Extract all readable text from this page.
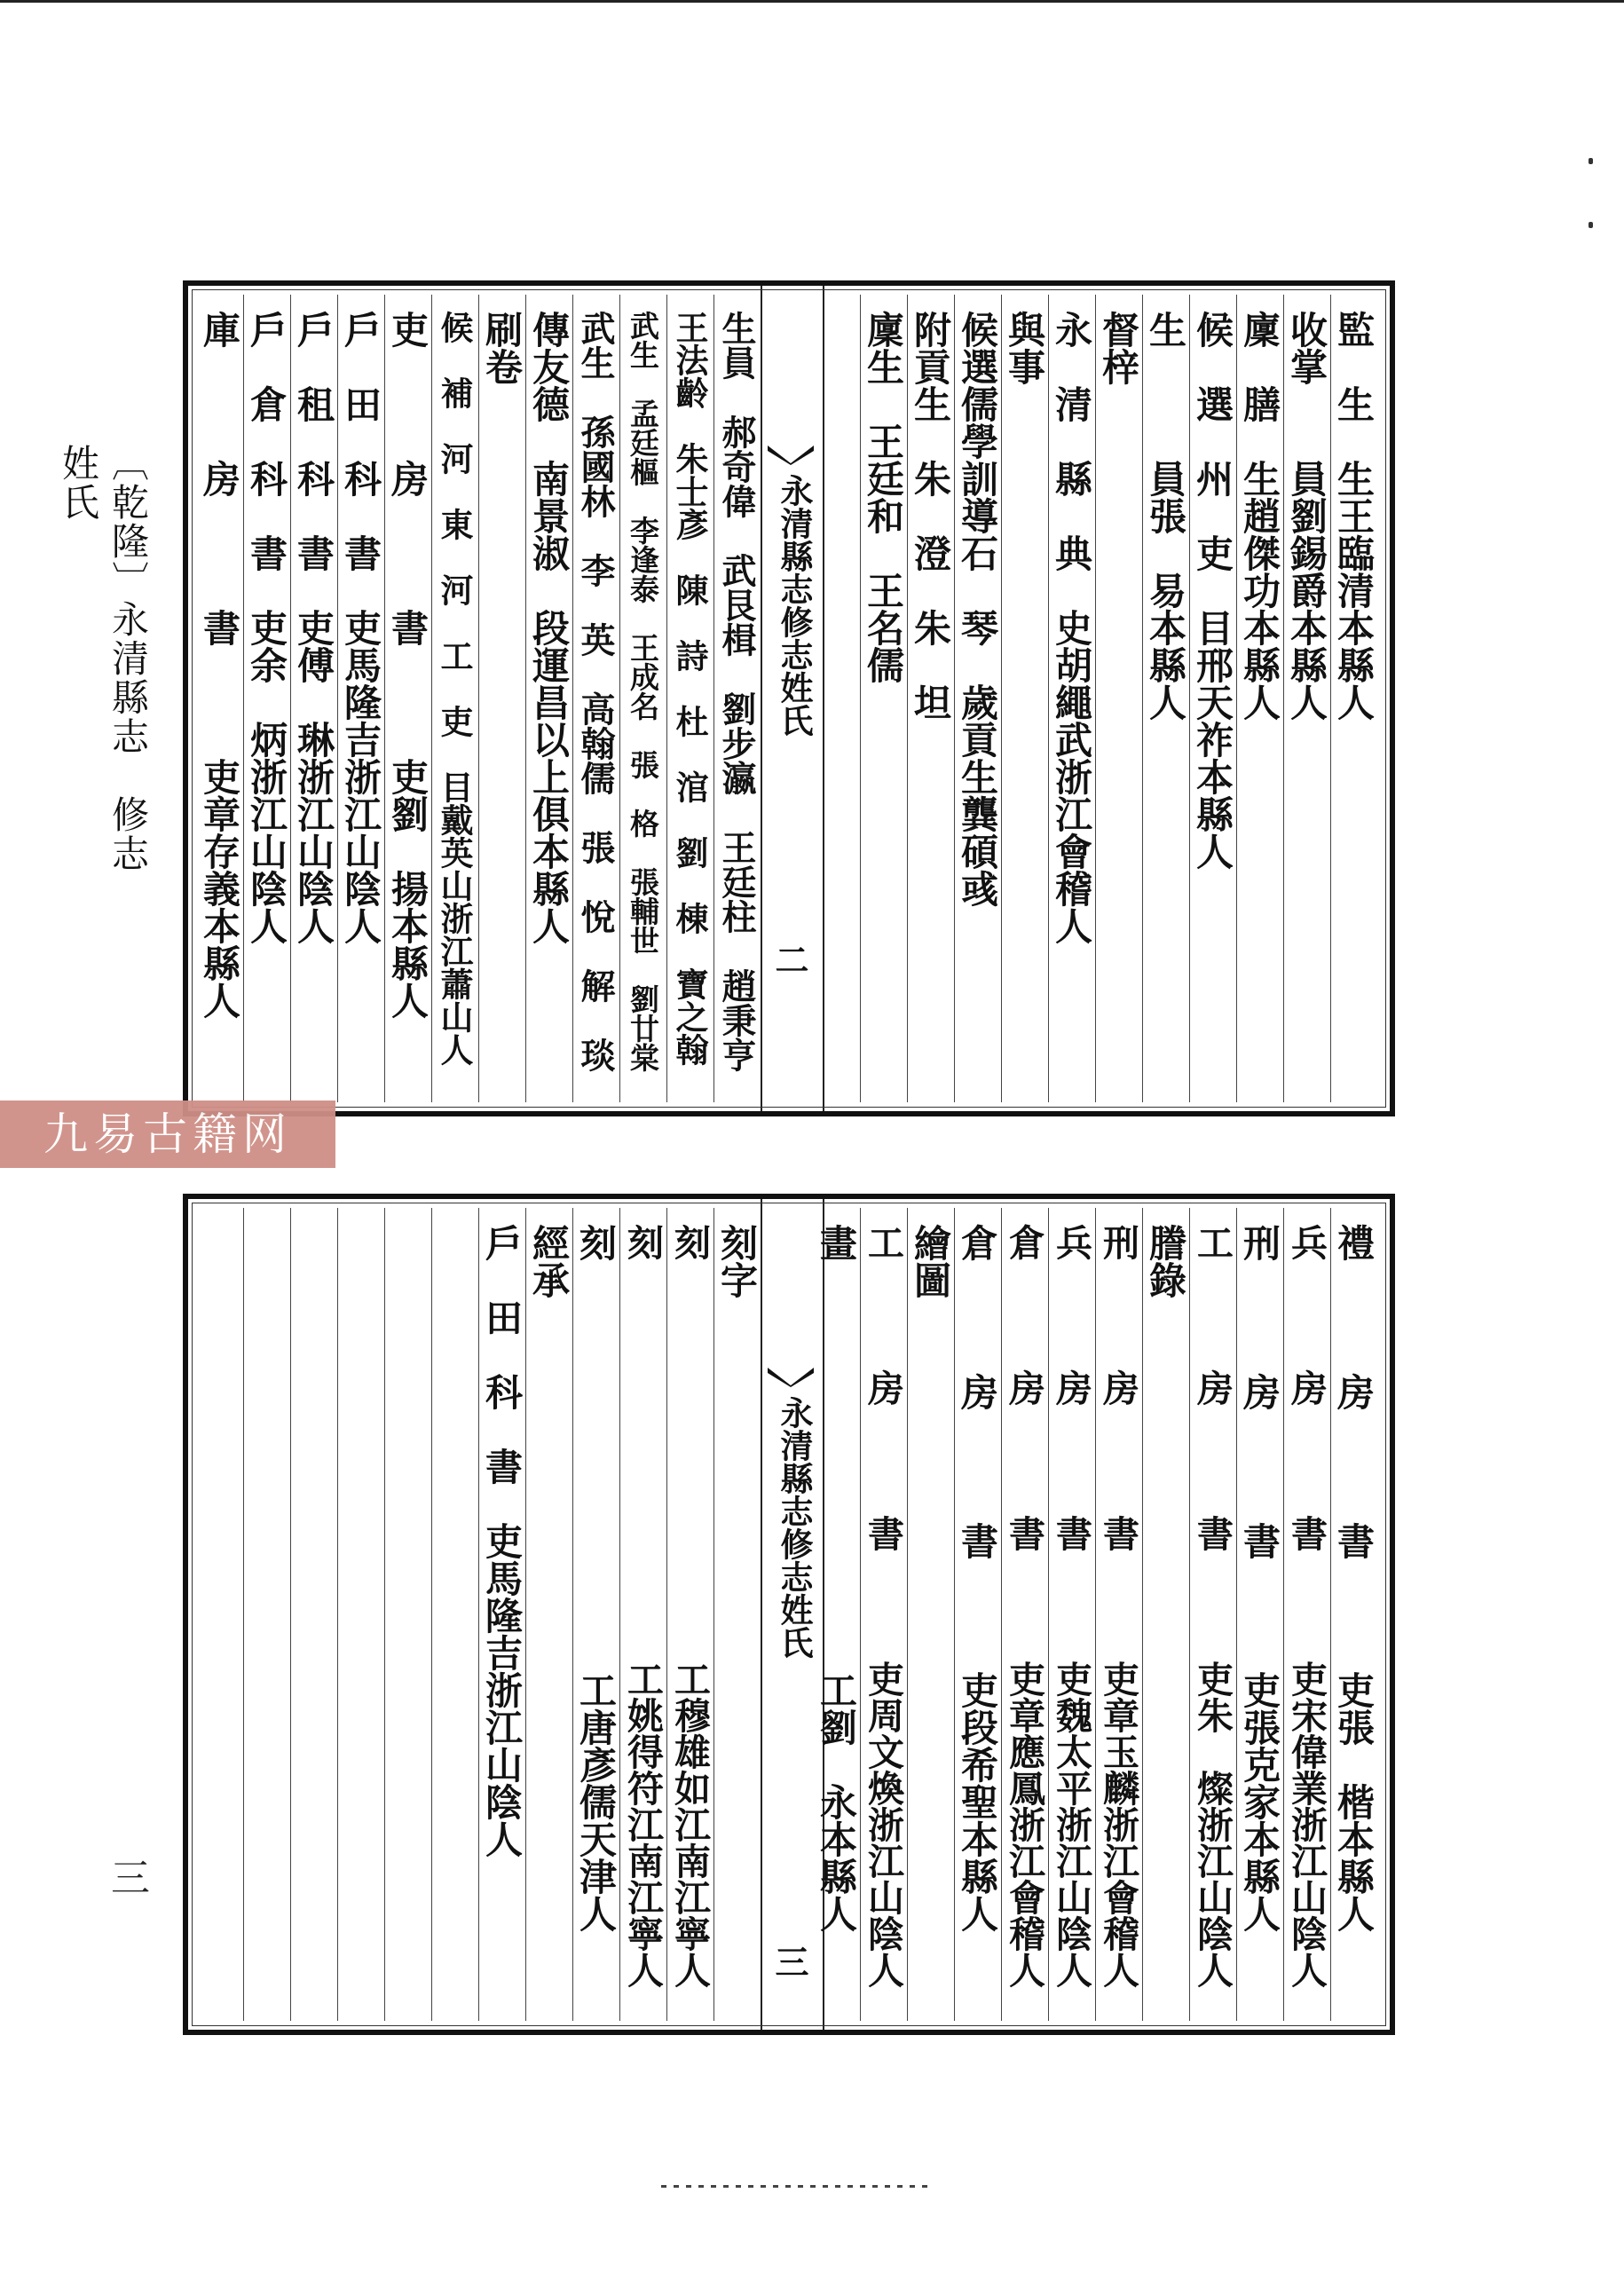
〔乾隆〕永清縣志　修志姓氏
三
永清縣志修志姓氏
二
監　生　生王臨清本縣人
收掌　　員劉錫爵本縣人
廩　膳　生趙傑功本縣人
候　選　州　吏　目邢天祚本縣人
生　　　員張　易本縣人
督梓
永　清　縣　典　史胡繩武浙江會稽人
與事
候選儒學訓導石　琴　歲貢生龔碩彧
附貢生　朱　澄　朱　坦
廩生　王廷和　王名儒
生員　郝奇偉　武艮楫　劉步瀛　王廷柱　趙秉亨
王法齡　朱士彥　陳　詩　杜　涫　劉　棟　寶之翰
武生　孟廷樞　李逢泰　王成名　張　格　張輔世　劉廿棠
武生　孫國林　李　英　高翰儒　張　悅　解　琰
傳友德　南景淑　段運昌以上俱本縣人
刷卷
候　補　河　東　河　工　吏　目戴英山浙江蕭山人
吏　　　房　　　書　　　吏劉　揚本縣人
戶　田　科　書　吏馬隆吉浙江山陰人
戶　租　科　書　吏傅　琳浙江山陰人
戶　倉　科　書　吏余　炳浙江山陰人
庫　　　房　　　書　　　吏章存義本縣人
九易古籍网
永清縣志修志姓氏
三
禮　　　房　　　書　　　吏張　楷本縣人
兵　　　房　　　書　　　吏宋偉業浙江山陰人
刑　　　房　　　書　　　吏張克家本縣人
工　　　房　　　書　　　吏朱　燦浙江山陰人
謄錄
刑　　　房　　　書　　　吏章玉麟浙江會稽人
兵　　　房　　　書　　　吏魏太平浙江山陰人
倉　　　房　　　書　　　吏章應鳳浙江會稽人
倉　　　房　　　書　　　吏段希聖本縣人
繪圖
工　　　房　　　書　　　吏周文煥浙江山陰人
畫　　　　　　　　　　　工劉　永本縣人
刻字
刻　　　　　　　　　　　工穆雄如江南江寧人
刻　　　　　　　　　　　工姚得符江南江寧人
刻　　　　　　　　　　　工唐彥儒天津人
經承
戶　田　科　書　吏馬隆吉浙江山陰人
